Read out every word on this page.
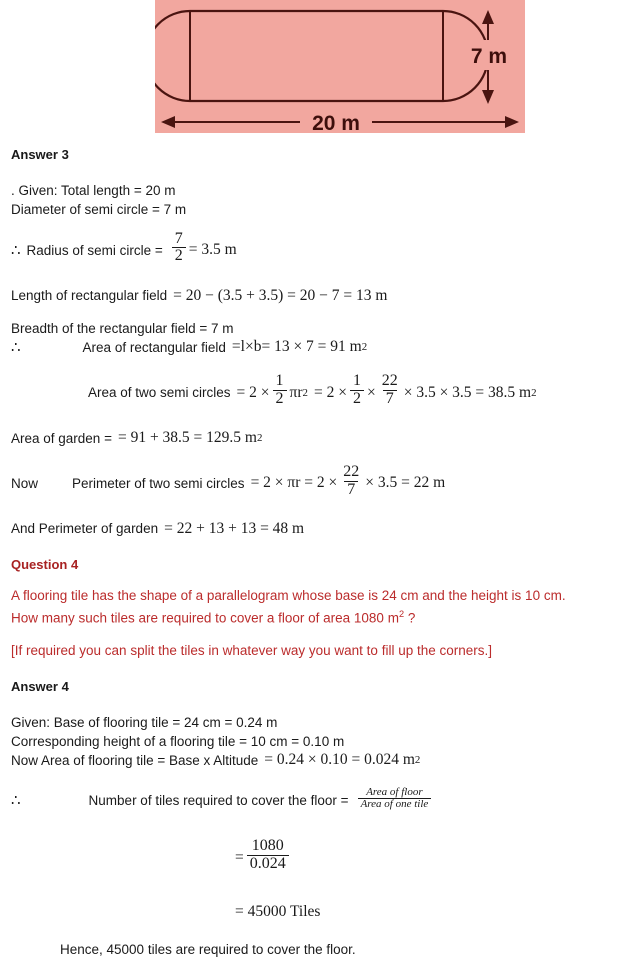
20 m
7 m
Answer 3
. Given: Total length = 20 m
Diameter of semi circle = 7 m
∴ Radius of semi circle = $\frac{7}{2} = 3.5$ m
Length of rectangular field = 20 − (3.5 + 3.5) = 20 − 7 = 13 m
Breadth of the rectangular field = 7 m
∴	Area of rectangular field = l × b = 13 × 7 = 91 m 2
Area of two semi circles = $2 \times \frac{1}{2}$ πr $2 = 2 \times \frac{1}{2} \times \frac{22}{7} \times 3.5 \times 3.5 = 38.5$ m 2
Area of garden = = 91 + 38.5 = 129.5 m 2
Now	Perimeter of two semi circles = $2 \times \pi r = 2 \times \frac{22}{7} \times 3.5 = 22$ m
And Perimeter of garden = 22 + 13 + 13 = 48 m
Question 4
A flooring tile has the shape of a parallelogram whose base is 24 cm and the height is 10 cm.
How many such tiles are required to cover a floor of area 1080 $m^2$ ?
[If required you can split the tiles in whatever way you want to fill up the corners.]
Answer 4
Given: Base of flooring tile = 24 cm = 0.24 m
Corresponding height of a flooring tile = 10 cm = 0.10 m
Now Area of flooring tile = Base x Altitude = 0.24 × 0.10 = 0.024 m 2
∴	Number of tiles required to cover the floor = $\frac{\text{Area of floor}}{\text{Area of one tile}}$
= $\frac{1080}{0.024}$
= 45000 Tiles
Hence, 45000 tiles are required to cover the floor.
